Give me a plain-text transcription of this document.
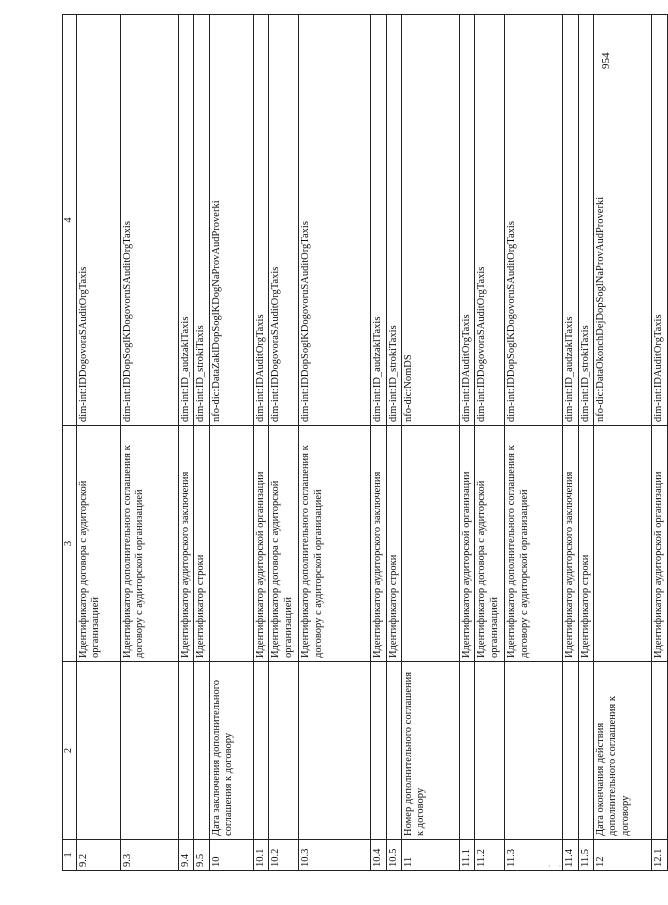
1	2	3	4
9.2		Идентификатор договора с аудиторской организацией	dim-int:IDDogovoraSAuditOrgTaxis
9.3		Идентификатор дополнительного соглашения к договору с аудиторской организацией	dim-int:IDDopSoglKDogovoruSAuditOrgTaxis
9.4		Идентификатор аудиторского заключения	dim-int:ID_audzaklTaxis
9.5		Идентификатор строки	dim-int:ID_strokiTaxis
10	Дата заключения дополнительного соглашения к договору		nfo-dic:DataZaklDopSoglKDogNaProvAudProverki
10.1		Идентификатор аудиторской организации	dim-int:IDAuditOrgTaxis
10.2		Идентификатор договора с аудиторской организацией	dim-int:IDDogovoraSAuditOrgTaxis
10.3		Идентификатор дополнительного соглашения к договору с аудиторской организацией	dim-int:IDDopSoglKDogovoruSAuditOrgTaxis
10.4		Идентификатор аудиторского заключения	dim-int:ID_audzaklTaxis
10.5		Идентификатор строки	dim-int:ID_strokiTaxis
11	Номер дополнительного соглашения к договору		nfo-dic:NomDS
11.1		Идентификатор аудиторской организации	dim-int:IDAuditOrgTaxis
11.2		Идентификатор договора с аудиторской организацией	dim-int:IDDogovoraSAuditOrgTaxis
11.3		Идентификатор дополнительного соглашения к договору с аудиторской организацией	dim-int:IDDopSoglKDogovoruSAuditOrgTaxis
11.4		Идентификатор аудиторского заключения	dim-int:ID_audzaklTaxis
11.5		Идентификатор строки	dim-int:ID_strokiTaxis
12	Дата окончания действия дополнительного соглашения к договору		nfo-dic:DataOkonchDejDopSoglNaProvAudProverki
12.1		Идентификатор аудиторской организации	dim-int:IDAuditOrgTaxis
954
· · · ·
